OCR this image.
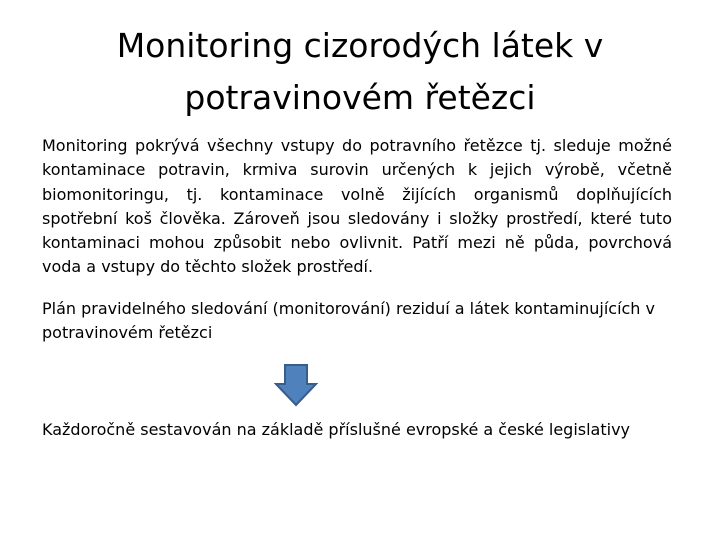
Monitoring cizorodých látek v potravinovém řetězci

Monitoring pokrývá všechny vstupy do potravního řetězce tj. sleduje možné kontaminace potravin, krmiva surovin určených k jejich výrobě, včetně biomonitoringu, tj. kontaminace volně žijících organismů doplňujících spotřební koš člověka. Zároveň jsou sledovány i složky prostředí, které tuto kontaminaci mohou způsobit nebo ovlivnit. Patří mezi ně půda, povrchová voda a vstupy do těchto složek prostředí.

Plán pravidelného sledování (monitorování) reziduí a látek kontaminujících v potravinovém řetězci

Každoročně sestavován na základě příslušné evropské a české legislativy
